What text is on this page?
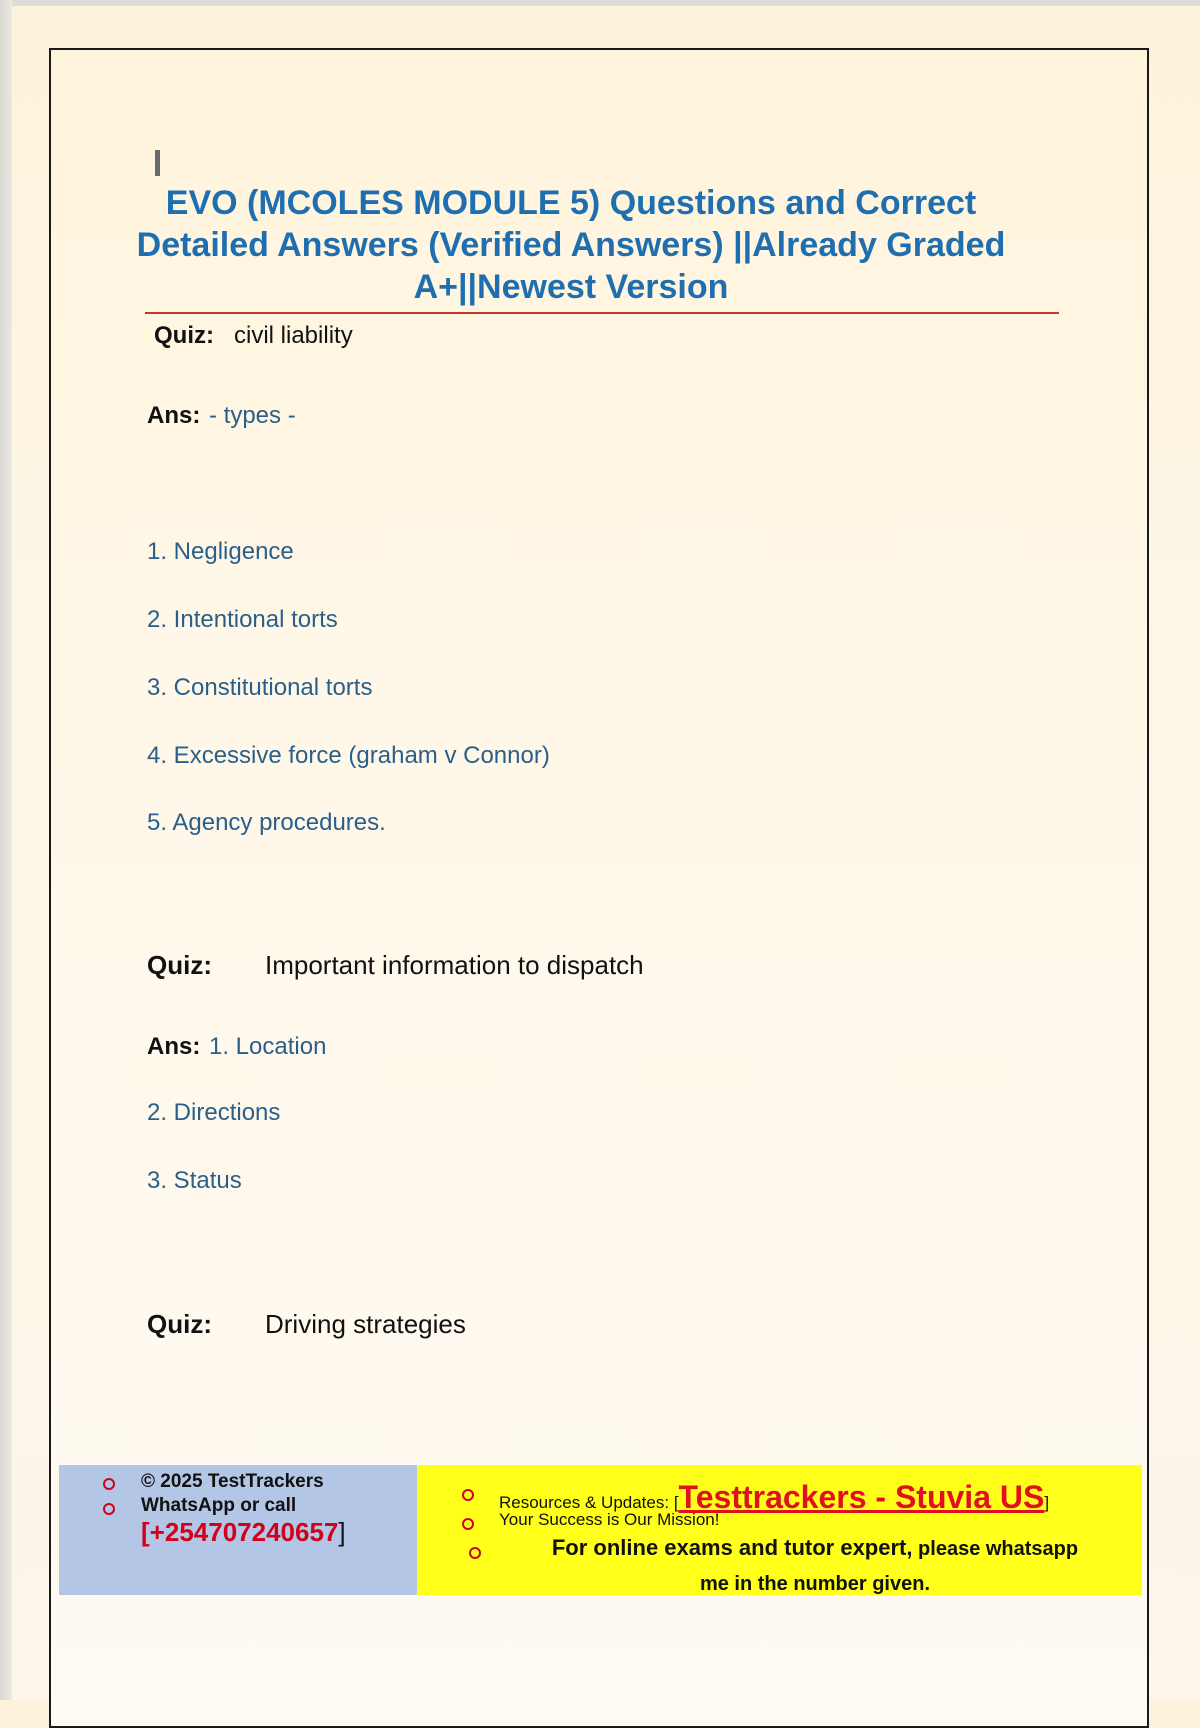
EVO (MCOLES MODULE 5) Questions and Correct Detailed Answers (Verified Answers) ||Already Graded A+||Newest Version
Quiz: civil liability
Ans: - types -
1. Negligence
2. Intentional torts
3. Constitutional torts
4. Excessive force (graham v Connor)
5. Agency procedures.
Quiz: Important information to dispatch
Ans: 1. Location
2. Directions
3. Status
Quiz: Driving strategies
© 2025 TestTrackers
WhatsApp or call
[+254707240657]
Resources & Updates: [Testtrackers - Stuvia US]
Your Success is Our Mission!
For online exams and tutor expert, please whatsapp
me in the number given.
